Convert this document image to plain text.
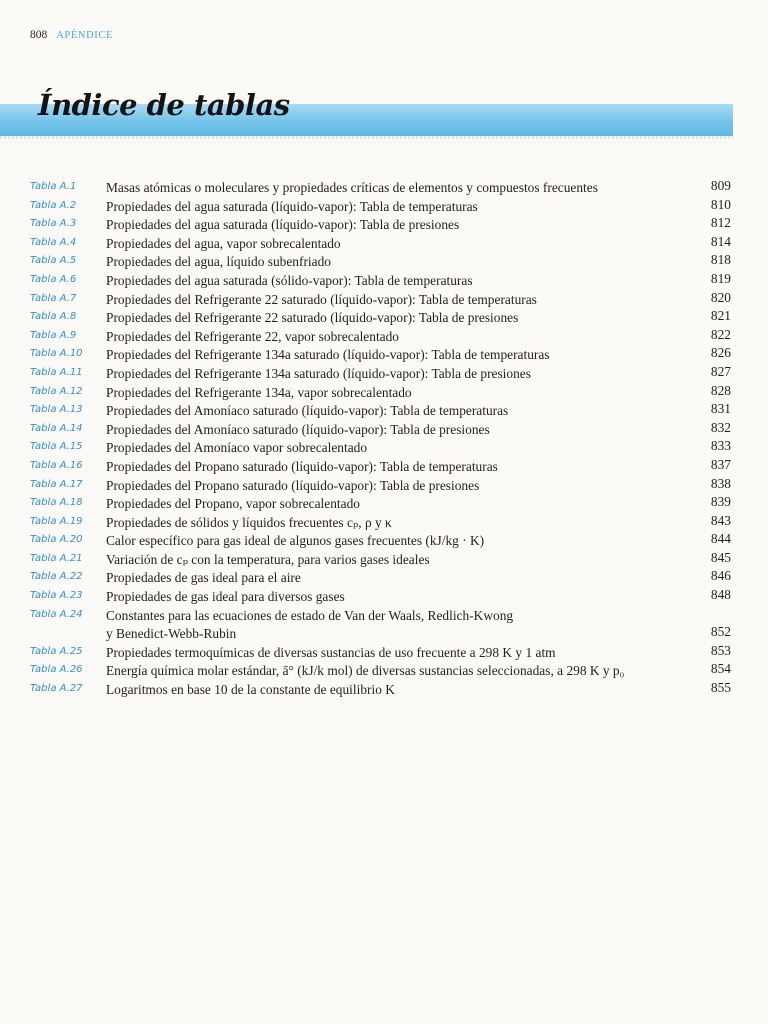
808 APÉNDICE
Índice de tablas
Tabla A.1 Masas atómicas o moleculares y propiedades críticas de elementos y compuestos frecuentes	809
Tabla A.2 Propiedades del agua saturada (líquido-vapor): Tabla de temperaturas	810
Tabla A.3 Propiedades del agua saturada (líquido-vapor): Tabla de presiones	812
Tabla A.4 Propiedades del agua, vapor sobrecalentado	814
Tabla A.5 Propiedades del agua, líquido subenfriado	818
Tabla A.6 Propiedades del agua saturada (sólido-vapor): Tabla de temperaturas	819
Tabla A.7 Propiedades del Refrigerante 22 saturado (líquido-vapor): Tabla de temperaturas	820
Tabla A.8 Propiedades del Refrigerante 22 saturado (líquido-vapor): Tabla de presiones	821
Tabla A.9 Propiedades del Refrigerante 22, vapor sobrecalentado	822
Tabla A.10 Propiedades del Refrigerante 134a saturado (líquido-vapor): Tabla de temperaturas	826
Tabla A.11 Propiedades del Refrigerante 134a saturado (líquido-vapor): Tabla de presiones	827
Tabla A.12 Propiedades del Refrigerante 134a, vapor sobrecalentado	828
Tabla A.13 Propiedades del Amoníaco saturado (líquido-vapor): Tabla de temperaturas	831
Tabla A.14 Propiedades del Amoníaco saturado (líquido-vapor): Tabla de presiones	832
Tabla A.15 Propiedades del Amoníaco vapor sobrecalentado	833
Tabla A.16 Propiedades del Propano saturado (líquido-vapor): Tabla de temperaturas	837
Tabla A.17 Propiedades del Propano saturado (líquido-vapor): Tabla de presiones	838
Tabla A.18 Propiedades del Propano, vapor sobrecalentado	839
Tabla A.19 Propiedades de sólidos y líquidos frecuentes cₚ, ρ y κ	843
Tabla A.20 Calor específico para gas ideal de algunos gases frecuentes (kJ/kg · K)	844
Tabla A.21 Variación de cₚ con la temperatura, para varios gases ideales	845
Tabla A.22 Propiedades de gas ideal para el aire	846
Tabla A.23 Propiedades de gas ideal para diversos gases	848
Tabla A.24 Constantes para las ecuaciones de estado de Van der Waals, Redlich-Kwong
y Benedict-Webb-Rubin	852
Tabla A.25 Propiedades termoquímicas de diversas sustancias de uso frecuente a 298 K y 1 atm	853
Tabla A.26 Energía química molar estándar, ā° (kJ/k mol) de diversas sustancias seleccionadas, a 298 K y p₀	854
Tabla A.27 Logaritmos en base 10 de la constante de equilibrio K	855
